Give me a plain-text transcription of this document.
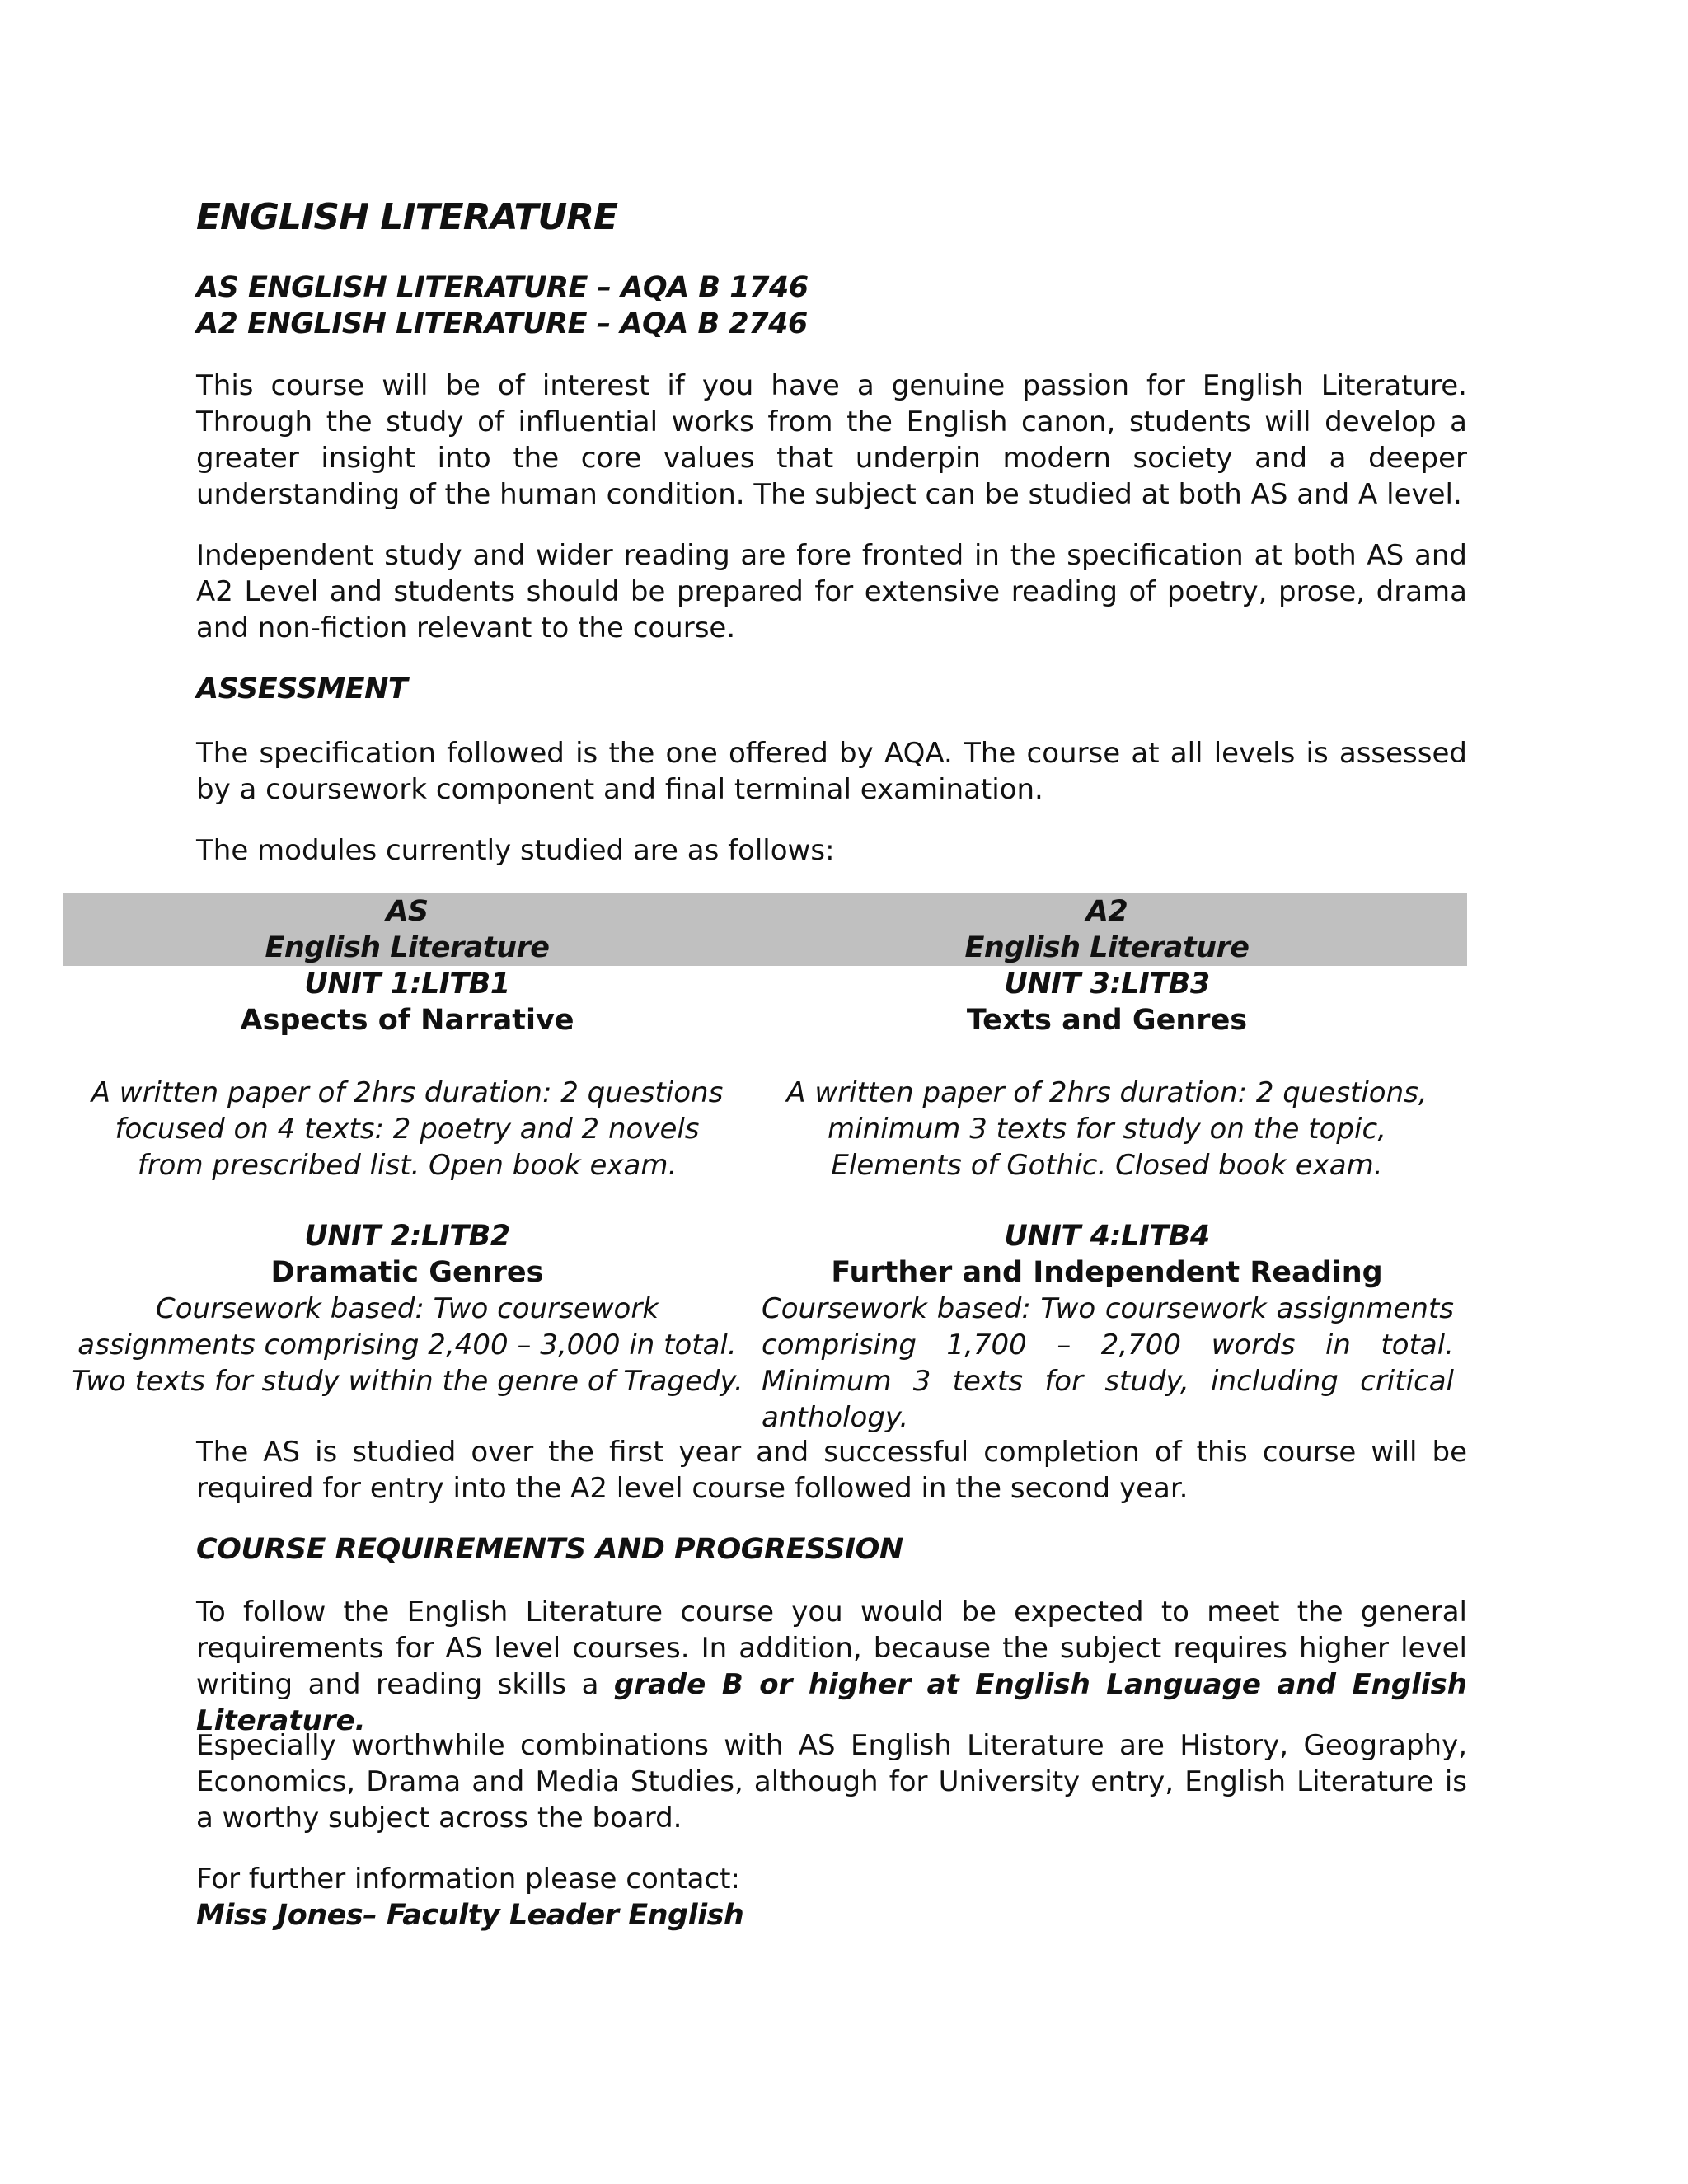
ENGLISH LITERATURE
AS ENGLISH LITERATURE – AQA B 1746
A2 ENGLISH LITERATURE – AQA B 2746

This course will be of interest if you have a genuine passion for English Literature. Through the study of influential works from the English canon, students will develop a greater insight into the core values that underpin modern society and a deeper understanding of the human condition. The subject can be studied at both AS and A level.

Independent study and wider reading are fore fronted in the specification at both AS and A2 Level and students should be prepared for extensive reading of poetry, prose, drama and non-fiction relevant to the course.

ASSESSMENT

The specification followed is the one offered by AQA. The course at all levels is assessed by a coursework component and final terminal examination.

The modules currently studied are as follows:

AS
English Literature
UNIT 1:LITB1
Aspects of Narrative
A written paper of 2hrs duration: 2 questions focused on 4 texts: 2 poetry and 2 novels from prescribed list. Open book exam.
UNIT 2:LITB2
Dramatic Genres
Coursework based: Two coursework assignments comprising 2,400 – 3,000 in total. Two texts for study within the genre of Tragedy.
A2
English Literature
UNIT 3:LITB3
Texts and Genres
A written paper of 2hrs duration: 2 questions, minimum 3 texts for study on the topic, Elements of Gothic. Closed book exam.
UNIT 4:LITB4
Further and Independent Reading
Coursework based: Two coursework assignments comprising 1,700 – 2,700 words in total. Minimum 3 texts for study, including critical anthology.

The AS is studied over the first year and successful completion of this course will be required for entry into the A2 level course followed in the second year.

COURSE REQUIREMENTS AND PROGRESSION

To follow the English Literature course you would be expected to meet the general requirements for AS level courses. In addition, because the subject requires higher level writing and reading skills a grade B or higher at English Language and English Literature.

Especially worthwhile combinations with AS English Literature are History, Geography, Economics, Drama and Media Studies, although for University entry, English Literature is a worthy subject across the board.

For further information please contact:

Miss Jones– Faculty Leader English
